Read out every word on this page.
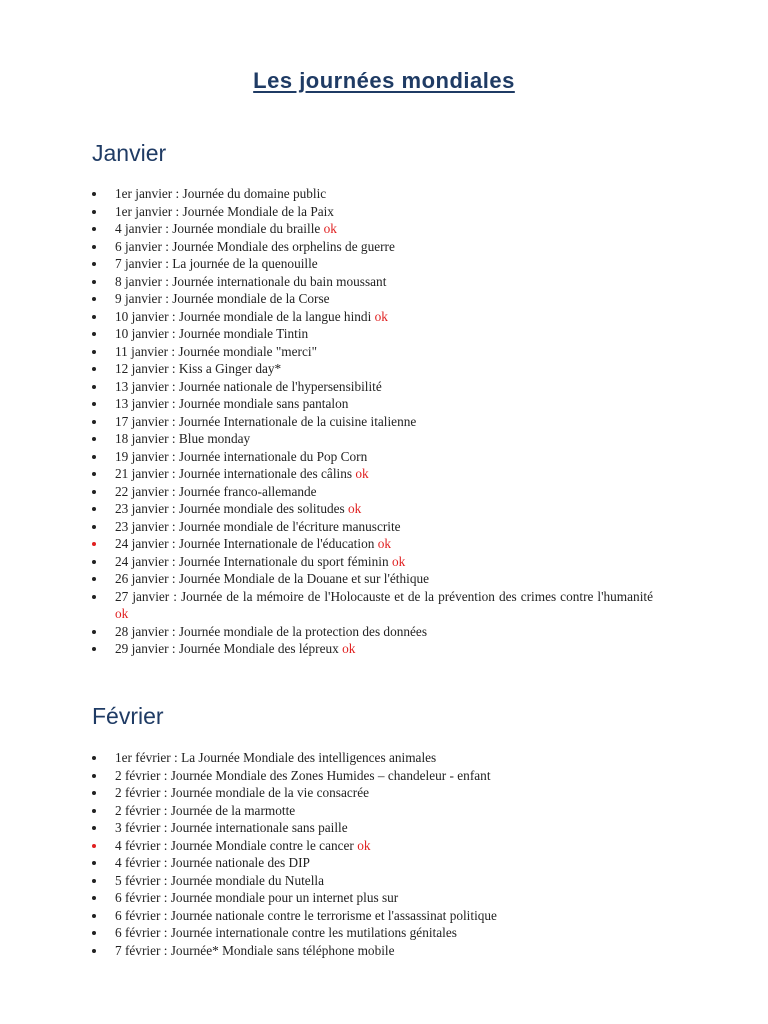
Les journées mondiales
Janvier
1er janvier : Journée du domaine public
1er janvier : Journée Mondiale de la Paix
4 janvier : Journée mondiale du braille ok
6 janvier : Journée Mondiale des orphelins de guerre
7 janvier : La journée de la quenouille
8 janvier : Journée internationale du bain moussant
9 janvier : Journée mondiale de la Corse
10 janvier : Journée mondiale de la langue hindi ok
10 janvier : Journée mondiale Tintin
11 janvier : Journée mondiale "merci"
12 janvier : Kiss a Ginger day*
13 janvier : Journée nationale de l'hypersensibilité
13 janvier : Journée mondiale sans pantalon
17 janvier : Journée Internationale de la cuisine italienne
18 janvier : Blue monday
19 janvier : Journée internationale du Pop Corn
21 janvier : Journée internationale des câlins ok
22 janvier : Journée franco-allemande
23 janvier : Journée mondiale des solitudes ok
23 janvier : Journée mondiale de l'écriture manuscrite
24 janvier : Journée Internationale de l'éducation ok
24 janvier : Journée Internationale du sport féminin ok
26 janvier : Journée Mondiale de la Douane et sur l'éthique
27 janvier : Journée de la mémoire de l'Holocauste et de la prévention des crimes contre l'humanité ok
28 janvier : Journée mondiale de la protection des données
29 janvier : Journée Mondiale des lépreux ok
Février
1er février : La Journée Mondiale des intelligences animales
2 février : Journée Mondiale des Zones Humides – chandeleur - enfant
2 février : Journée mondiale de la vie consacrée
2 février : Journée de la marmotte
3 février : Journée internationale sans paille
4 février : Journée Mondiale contre le cancer ok
4 février : Journée nationale des DIP
5 février : Journée mondiale du Nutella
6 février : Journée mondiale pour un internet plus sur
6 février : Journée nationale contre le terrorisme et l'assassinat politique
6 février : Journée internationale contre les mutilations génitales
7 février : Journée* Mondiale sans téléphone mobile
